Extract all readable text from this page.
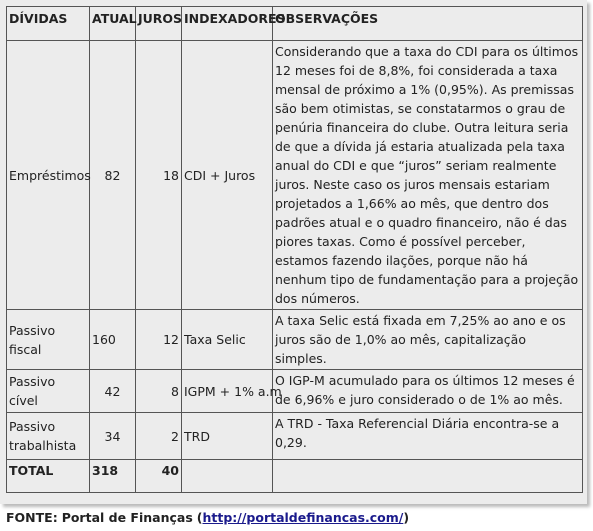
DÍVIDAS	ATUAL	JUROS	INDEXADORES	OBSERVAÇÕES
Empréstimos	82	18	CDI + Juros	Considerando que a taxa do CDI para os últimos 12 meses foi de 8,8%, foi considerada a taxa mensal de próximo a 1% (0,95%). As premissas são bem otimistas, se constatarmos o grau de penúria financeira do clube. Outra leitura seria de que a dívida já estaria atualizada pela taxa anual do CDI e que “juros” seriam realmente juros. Neste caso os juros mensais estariam projetados a 1,66% ao mês, que dentro dos padrões atual e o quadro financeiro, não é das piores taxas. Como é possível perceber, estamos fazendo ilações, porque não há nenhum tipo de fundamentação para a projeção dos números.
Passivo fiscal	160	12	Taxa Selic	A taxa Selic está fixada em 7,25% ao ano e os juros são de 1,0% ao mês, capitalização simples.
Passivo cível	42	8	IGPM + 1% a.m	O IGP-M acumulado para os últimos 12 meses é de 6,96% e juro considerado o de 1% ao mês.
Passivo trabalhista	34	2	TRD	A TRD - Taxa Referencial Diária encontra-se a 0,29.
TOTAL	318	40		
FONTE: Portal de Finanças (http://portaldefinancas.com/)
